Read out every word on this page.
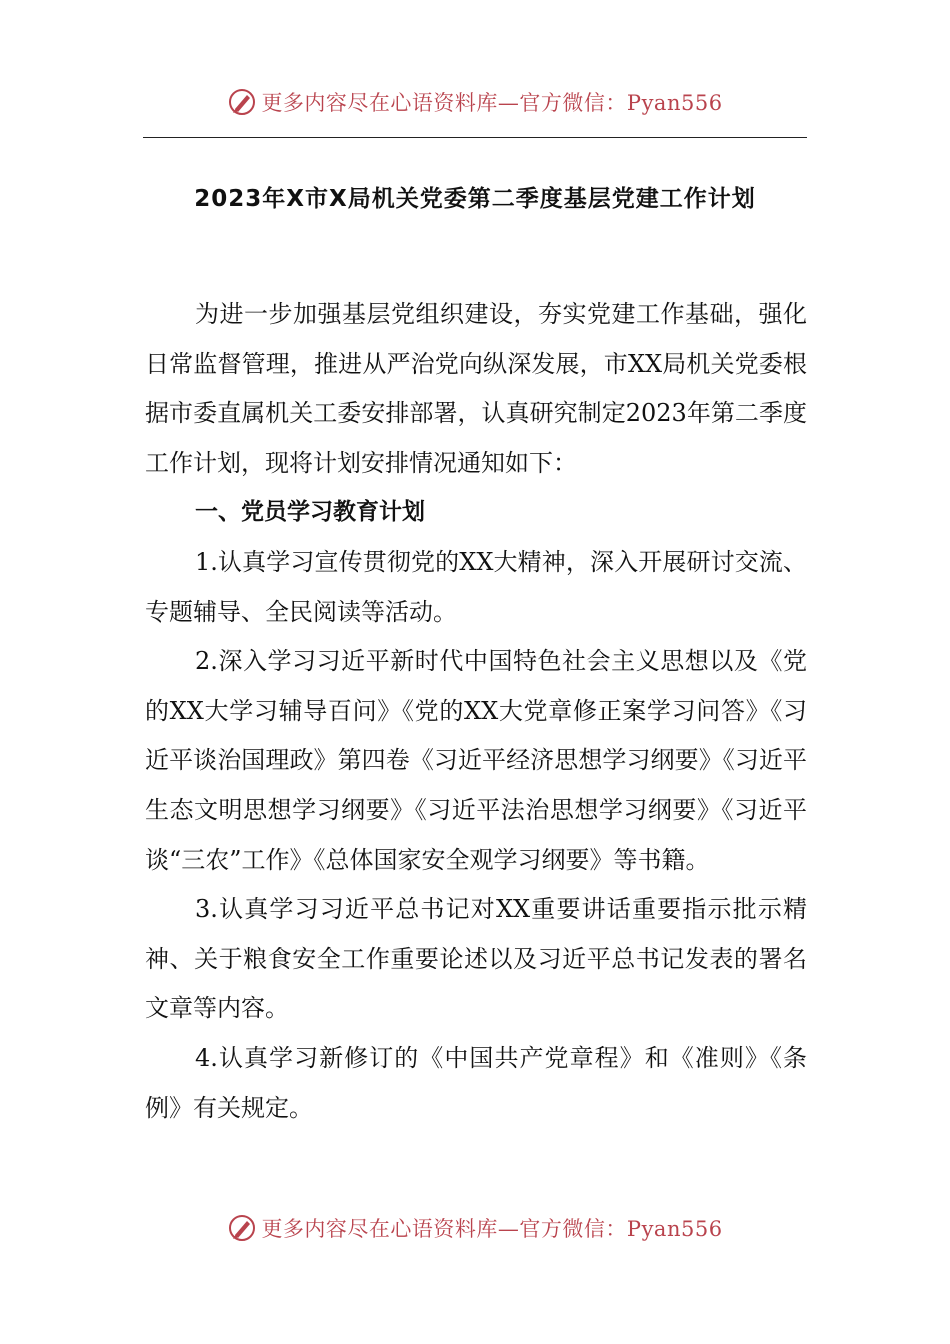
更多内容尽在心语资料库—官方微信：Pyan556
2023年X市X局机关党委第二季度基层党建工作计划

为进一步加强基层党组织建设，夯实党建工作基础，强化日常监督管理，推进从严治党向纵深发展，市XX局机关党委根据市委直属机关工委安排部署，认真研究制定2023年第二季度工作计划，现将计划安排情况通知如下：

一、党员学习教育计划

1.认真学习宣传贯彻党的XX大精神，深入开展研讨交流、专题辅导、全民阅读等活动。

2.深入学习习近平新时代中国特色社会主义思想以及《党的XX大学习辅导百问》《党的XX大党章修正案学习问答》《习近平谈治国理政》第四卷《习近平经济思想学习纲要》《习近平生态文明思想学习纲要》《习近平法治思想学习纲要》《习近平谈“三农”工作》《总体国家安全观学习纲要》等书籍。

3.认真学习习近平总书记对XX重要讲话重要指示批示精神、关于粮食安全工作重要论述以及习近平总书记发表的署名文章等内容。

4.认真学习新修订的《中国共产党章程》和《准则》《条例》有关规定。

更多内容尽在心语资料库—官方微信：Pyan556
